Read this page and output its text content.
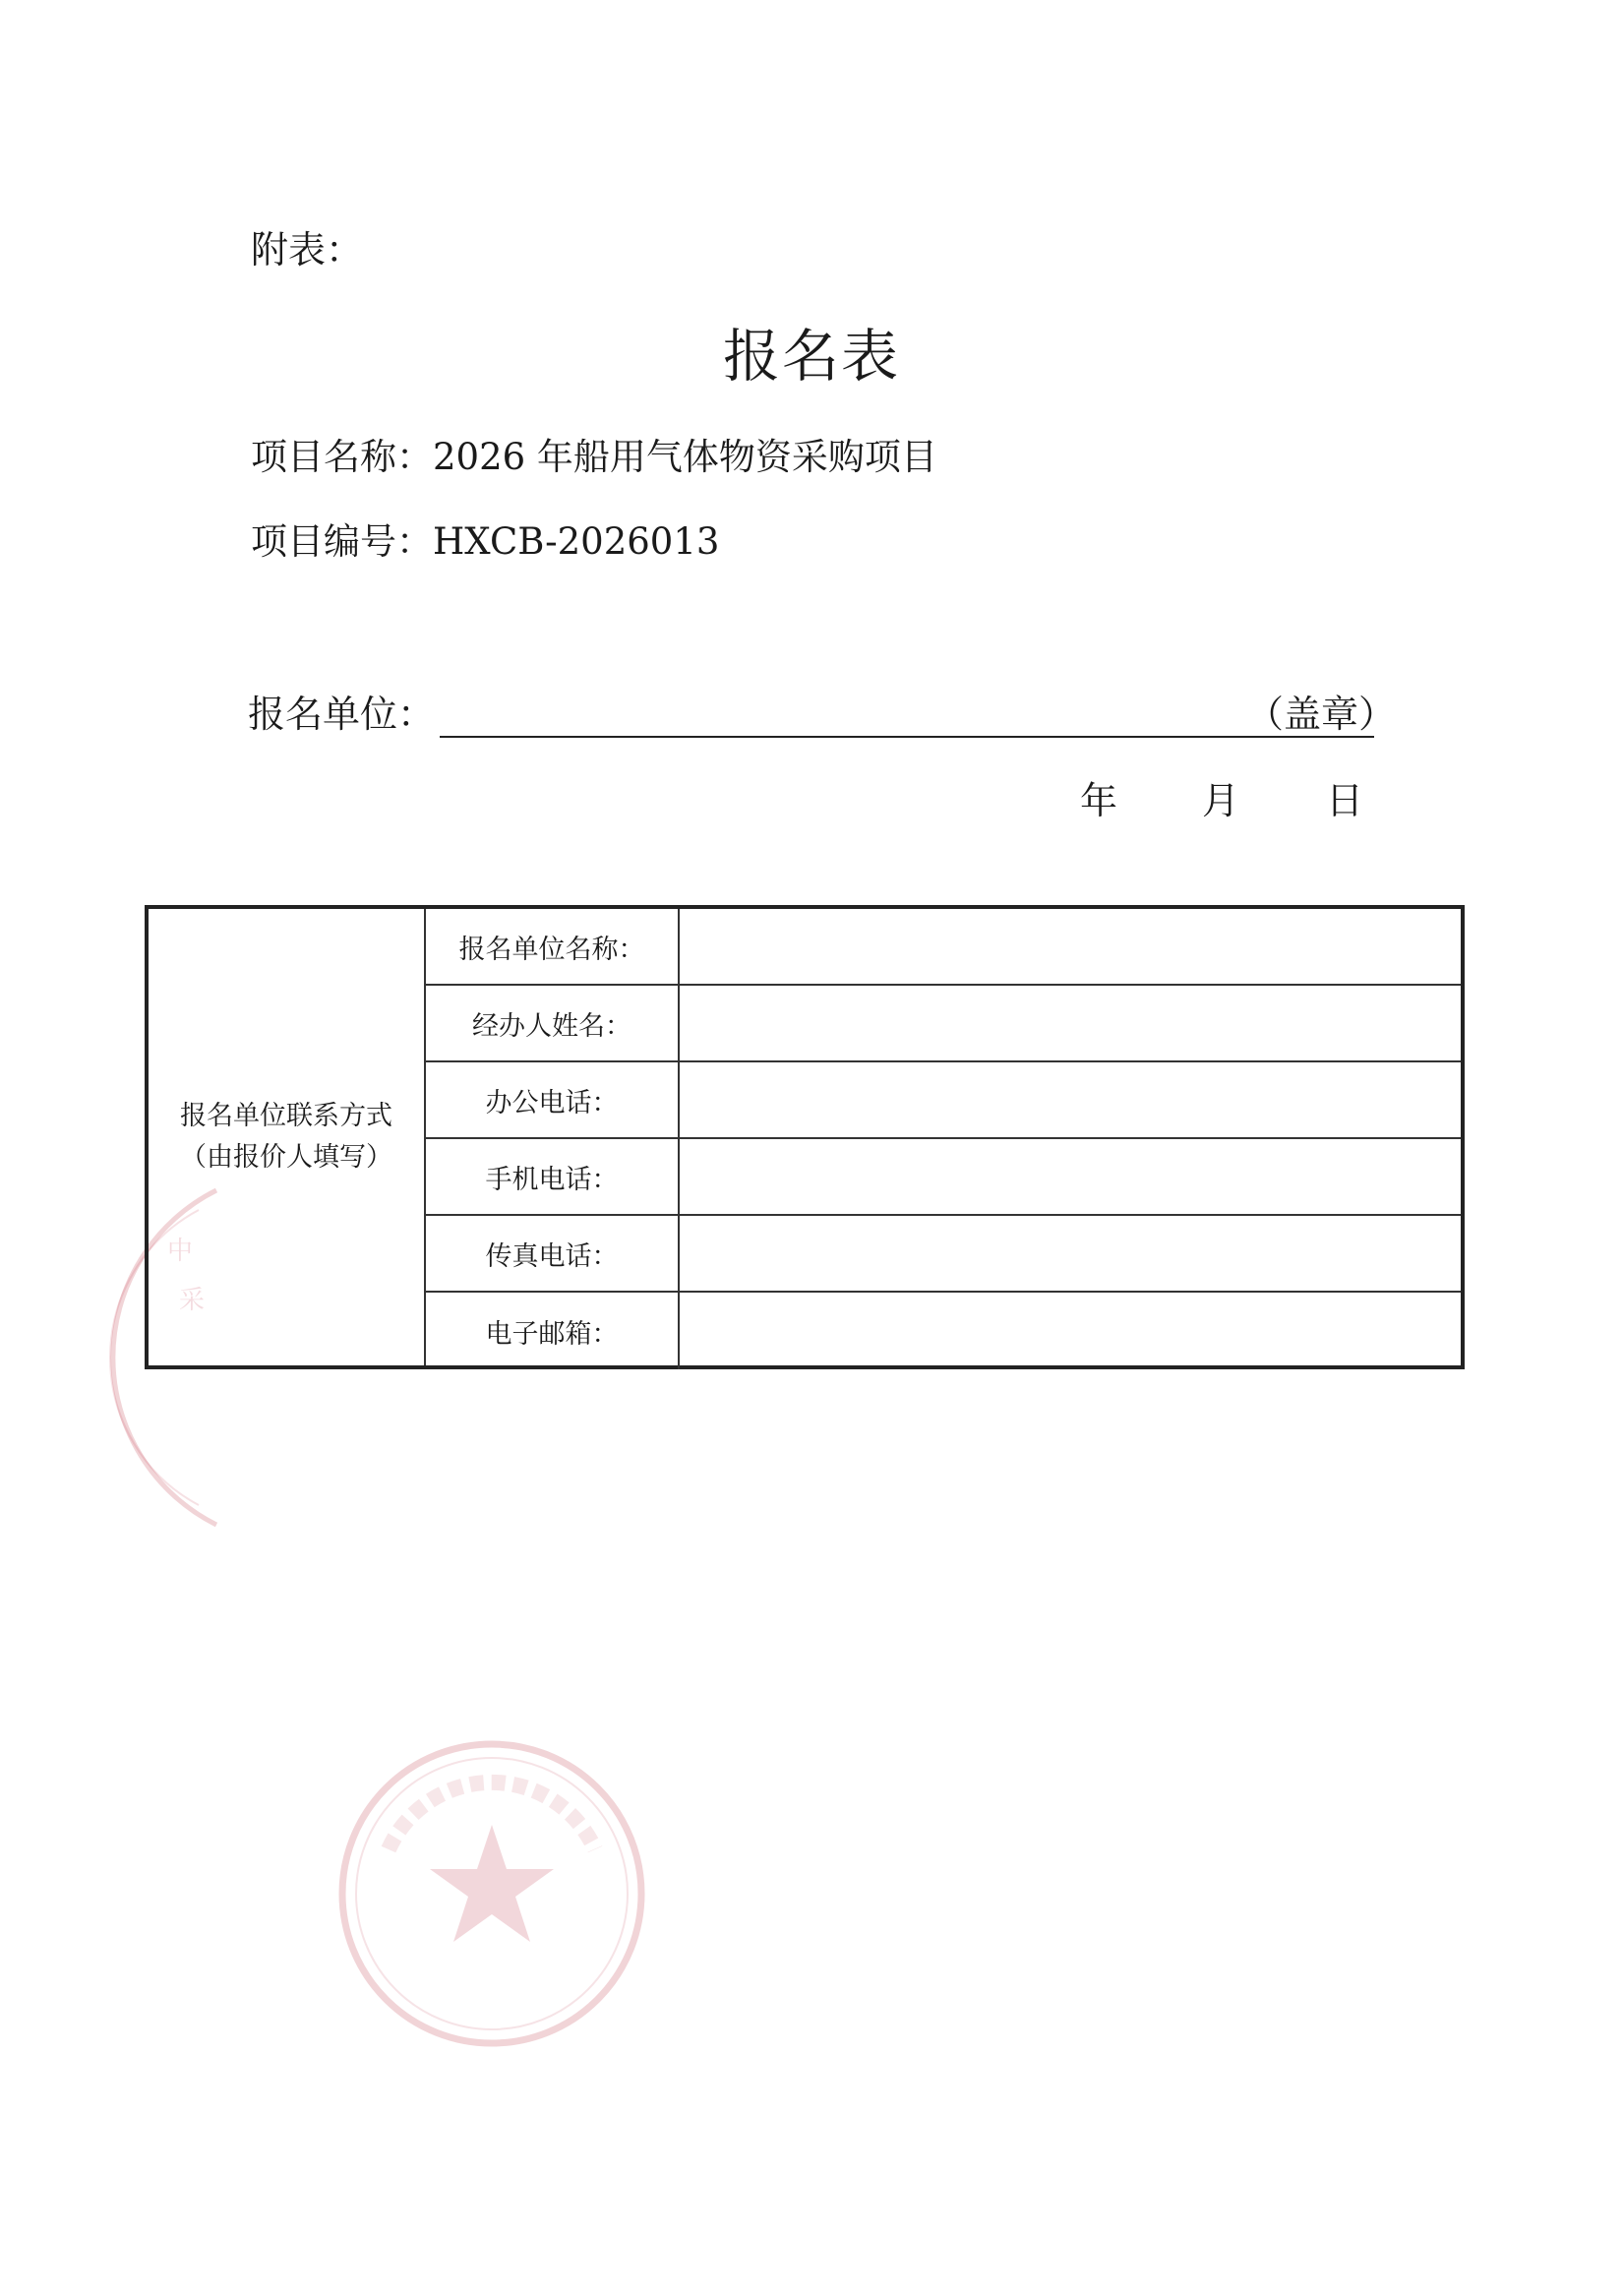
中
采
附表：
报名表
项目名称：2026 年船用气体物资采购项目
项目编号：HXCB-2026013
报名单位：	（盖章）
年 月 日
报名单位联系方式
（由报价人填写）
报名单位名称：
经办人姓名：
办公电话：
手机电话：
传真电话：
电子邮箱：
